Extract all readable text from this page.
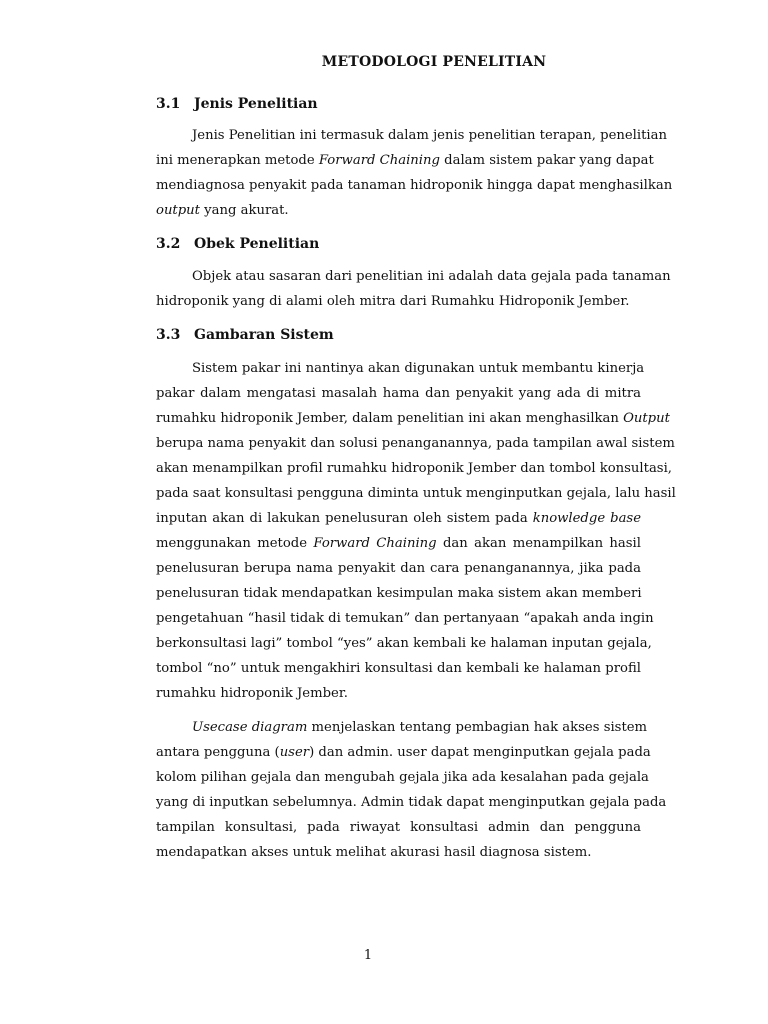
METODOLOGI PENELITIAN
3.1 Jenis Penelitian
Jenis Penelitian ini termasuk dalam jenis penelitian terapan, penelitian
ini menerapkan metode Forward Chaining dalam sistem pakar yang dapat
mendiagnosa penyakit pada tanaman hidroponik hingga dapat menghasilkan
output yang akurat.
3.2 Obek Penelitian
Objek atau sasaran dari penelitian ini adalah data gejala pada tanaman
hidroponik yang di alami oleh mitra dari Rumahku Hidroponik Jember.
3.3 Gambaran Sistem
Sistem pakar ini nantinya akan digunakan untuk membantu kinerja
pakar dalam mengatasi masalah hama dan penyakit yang ada di mitra
rumahku hidroponik Jember, dalam penelitian ini akan menghasilkan Output
berupa nama penyakit dan solusi penanganannya, pada tampilan awal sistem
akan menampilkan profil rumahku hidroponik Jember dan tombol konsultasi,
pada saat konsultasi pengguna diminta untuk menginputkan gejala, lalu hasil
inputan akan di lakukan penelusuran oleh sistem pada knowledge base
menggunakan metode Forward Chaining dan akan menampilkan hasil
penelusuran berupa nama penyakit dan cara penanganannya, jika pada
penelusuran tidak mendapatkan kesimpulan maka sistem akan memberi
pengetahuan “hasil tidak di temukan” dan pertanyaan “apakah anda ingin
berkonsultasi lagi” tombol “yes” akan kembali ke halaman inputan gejala,
tombol “no” untuk mengakhiri konsultasi dan kembali ke halaman profil
rumahku hidroponik Jember.
Usecase diagram menjelaskan tentang pembagian hak akses sistem
antara pengguna (user) dan admin. user dapat menginputkan gejala pada
kolom pilihan gejala dan mengubah gejala jika ada kesalahan pada gejala
yang di inputkan sebelumnya. Admin tidak dapat menginputkan gejala pada
tampilan konsultasi, pada riwayat konsultasi admin dan pengguna
mendapatkan akses untuk melihat akurasi hasil diagnosa sistem.
1
